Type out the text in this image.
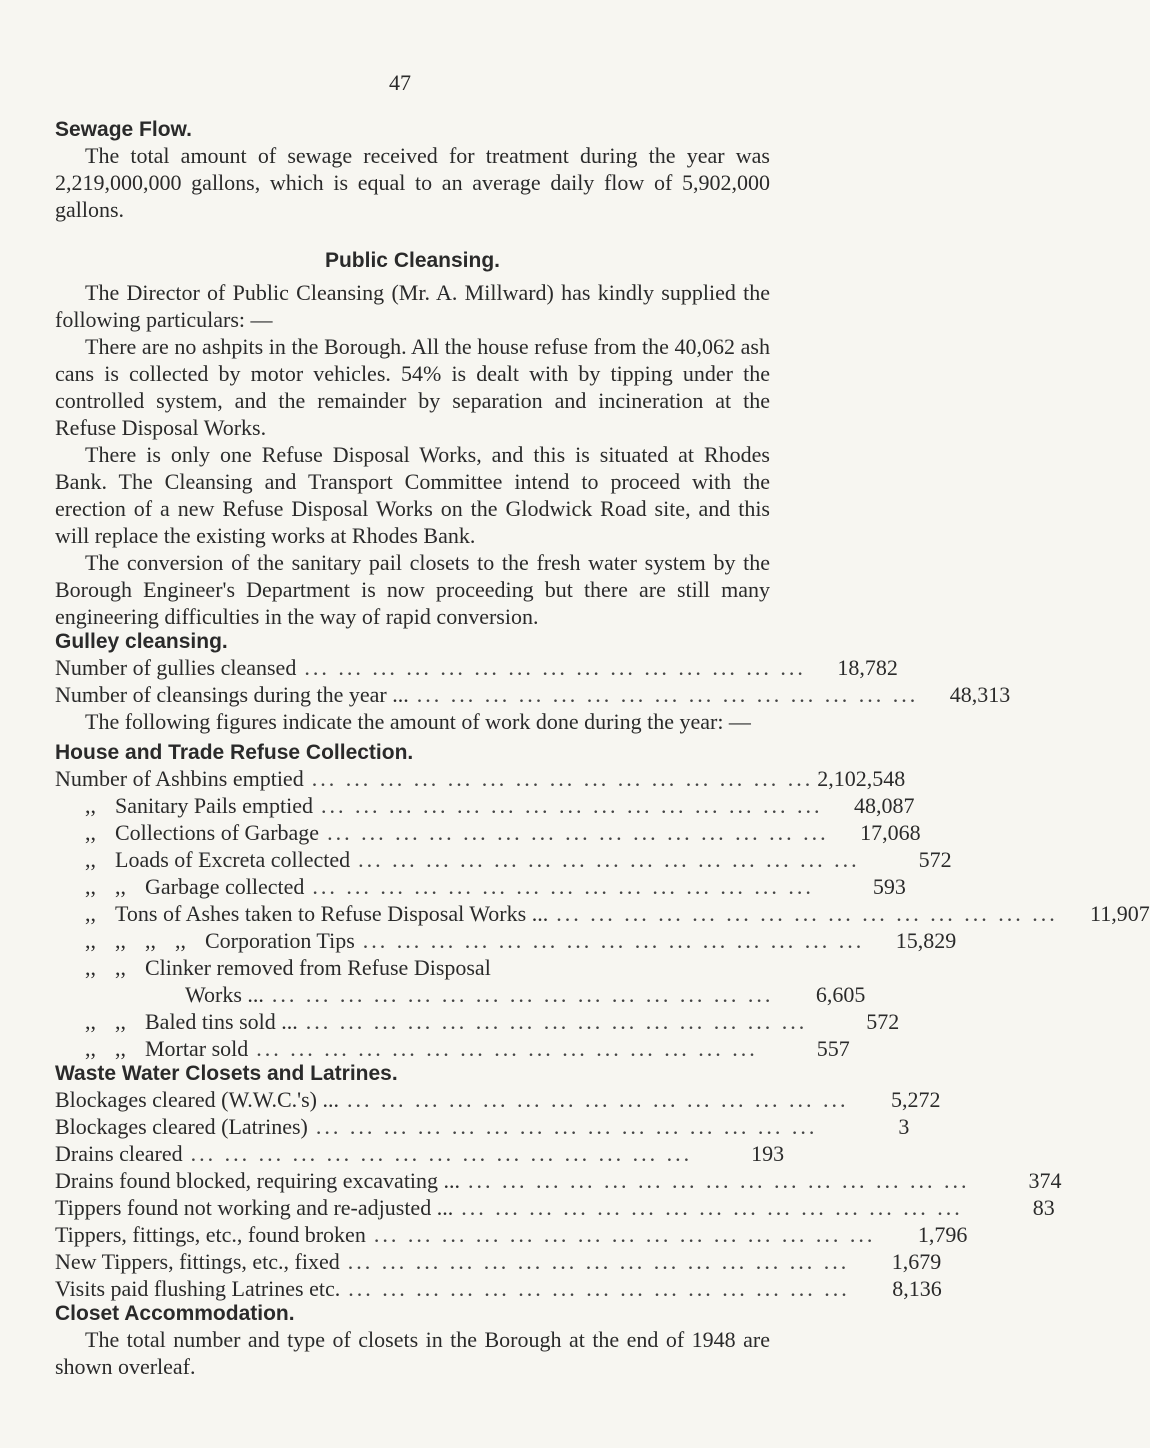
47
Sewage Flow.

The total amount of sewage received for treatment during the year was 2,219,000,000 gallons, which is equal to an average daily flow of 5,902,000 gallons.

Public Cleansing.

The Director of Public Cleansing (Mr. A. Millward) has kindly supplied the following particulars: —

There are no ashpits in the Borough. All the house refuse from the 40,062 ash cans is collected by motor vehicles. 54% is dealt with by tipping under the controlled system, and the remainder by separation and incineration at the Refuse Disposal Works.

There is only one Refuse Disposal Works, and this is situated at Rhodes Bank. The Cleansing and Transport Committee intend to proceed with the erection of a new Refuse Disposal Works on the Glodwick Road site, and this will replace the existing works at Rhodes Bank.

The conversion of the sanitary pail closets to the fresh water system by the Borough Engineer's Department is now proceeding but there are still many engineering difficulties in the way of rapid conversion.

Gulley cleansing.
Number of gullies cleansed ... ... ... ... ... ... ... ... ... ... ... ... ... ... ...	18,782
Number of cleansings during the year ... ... ... ... ... ... ... ... ... ... ... ... ... ... ... ...	48,313

The following figures indicate the amount of work done during the year: —

House and Trade Refuse Collection.
Number of Ashbins emptied ... ... ... ... ... ... ... ... ... ... ... ... ... ... ... 2,102,548
,, Sanitary Pails emptied ... ... ... ... ... ... ... ... ... ... ... ... ... ... ...	48,087
,, Collections of Garbage ... ... ... ... ... ... ... ... ... ... ... ... ... ... ...	17,068
,, Loads of Excreta collected ... ... ... ... ... ... ... ... ... ... ... ... ... ... ...	572
,, ,, Garbage collected ... ... ... ... ... ... ... ... ... ... ... ... ... ... ...	593
,, Tons of Ashes taken to Refuse Disposal Works ... ... ... ... ... ... ... ... ... ... ... ... ... ... ... ...	11,907
,, ,, ,, ,, Corporation Tips ... ... ... ... ... ... ... ... ... ... ... ... ... ... ...	15,829
,, ,, Clinker removed from Refuse Disposal
Works ... ... ... ... ... ... ... ... ... ... ... ... ... ... ... ...	6,605
,, ,, Baled tins sold ... ... ... ... ... ... ... ... ... ... ... ... ... ... ... ...	572
,, ,, Mortar sold ... ... ... ... ... ... ... ... ... ... ... ... ... ... ...	557
Waste Water Closets and Latrines.
Blockages cleared (W.W.C.'s) ... ... ... ... ... ... ... ... ... ... ... ... ... ... ... ...	5,272
Blockages cleared (Latrines) ... ... ... ... ... ... ... ... ... ... ... ... ... ... ...	3
Drains cleared ... ... ... ... ... ... ... ... ... ... ... ... ... ... ...	193
Drains found blocked, requiring excavating ... ... ... ... ... ... ... ... ... ... ... ... ... ... ... ...	374
Tippers found not working and re-adjusted ... ... ... ... ... ... ... ... ... ... ... ... ... ... ... ...	83
Tippers, fittings, etc., found broken ... ... ... ... ... ... ... ... ... ... ... ... ... ... ...	1,796
New Tippers, fittings, etc., fixed ... ... ... ... ... ... ... ... ... ... ... ... ... ... ...	1,679
Visits paid flushing Latrines etc. ... ... ... ... ... ... ... ... ... ... ... ... ... ... ...	8,136
Closet Accommodation.

The total number and type of closets in the Borough at the end of 1948 are shown overleaf.
